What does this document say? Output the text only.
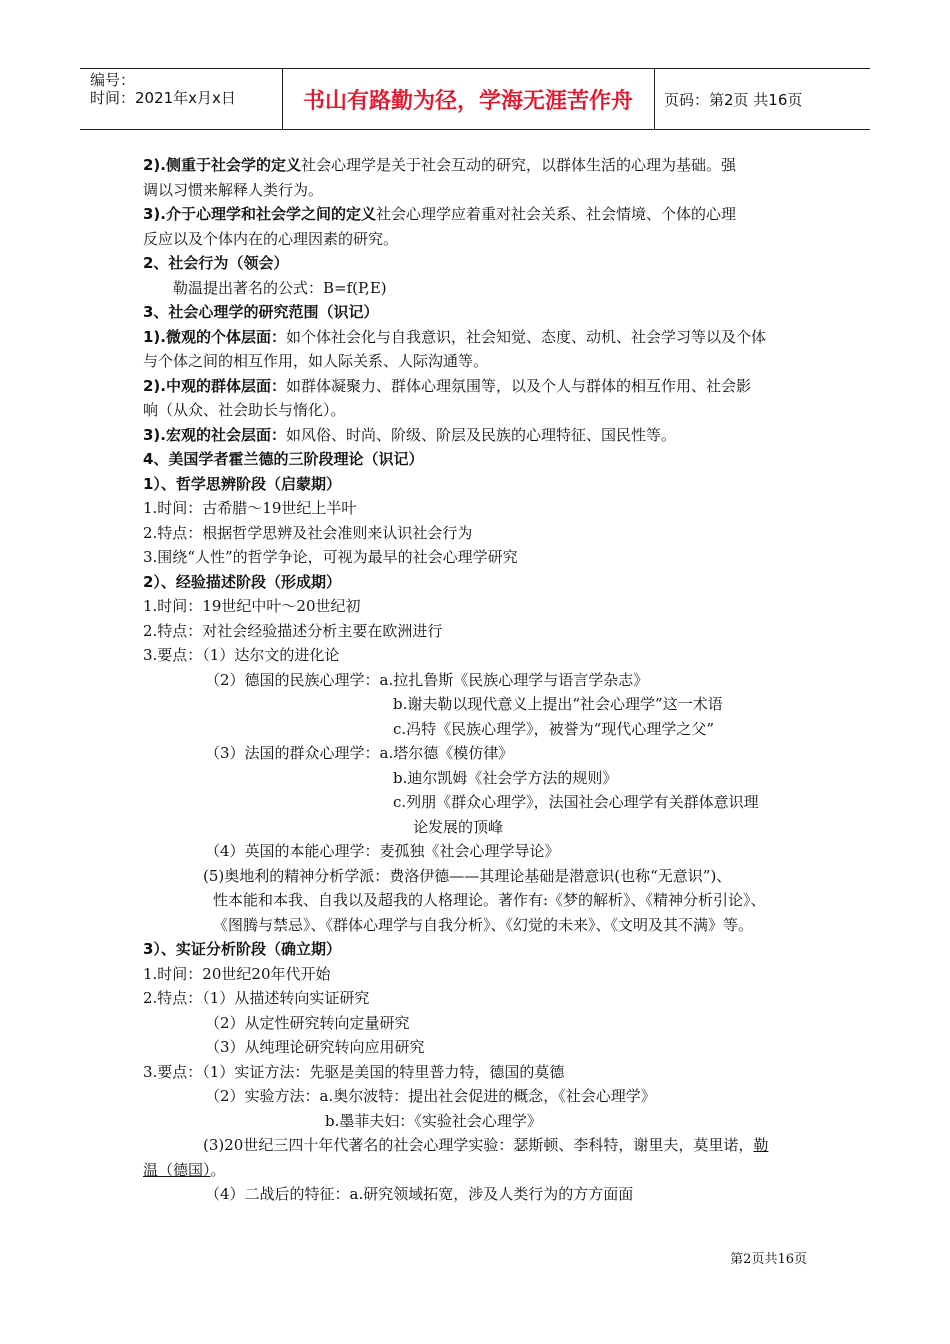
编号：
时间：2021年x月x日	书山有路勤为径，学海无涯苦作舟	页码：第2页 共16页

2).侧重于社会学的定义社会心理学是关于社会互动的研究，以群体生活的心理为基础。强

调以习惯来解释人类行为。

3).介于心理学和社会学之间的定义社会心理学应着重对社会关系、社会情境、个体的心理

反应以及个体内在的心理因素的研究。

2、社会行为（领会）

勒温提出著名的公式：B=f(P,E)

3、社会心理学的研究范围（识记）

1).微观的个体层面：如个体社会化与自我意识，社会知觉、态度、动机、社会学习等以及个体

与个体之间的相互作用，如人际关系、人际沟通等。

2).中观的群体层面：如群体凝聚力、群体心理氛围等，以及个人与群体的相互作用、社会影

响（从众、社会助长与惰化）。

3).宏观的社会层面：如风俗、时尚、阶级、阶层及民族的心理特征、国民性等。

4、美国学者霍兰德的三阶段理论（识记）

1）、哲学思辨阶段（启蒙期）

1.时间：古希腊～19世纪上半叶

2.特点：根据哲学思辨及社会准则来认识社会行为

3.围绕“人性”的哲学争论，可视为最早的社会心理学研究

2）、经验描述阶段（形成期）

1.时间：19世纪中叶～20世纪初

2.特点：对社会经验描述分析主要在欧洲进行

3.要点：（1）达尔文的进化论

（2）德国的民族心理学：a.拉扎鲁斯《民族心理学与语言学杂志》

b.谢夫勒以现代意义上提出“社会心理学”这一术语

c.冯特《民族心理学》，被誉为“现代心理学之父”

（3）法国的群众心理学：a.塔尔德《模仿律》

b.迪尔凯姆《社会学方法的规则》

c.列朋《群众心理学》，法国社会心理学有关群体意识理

论发展的顶峰

（4）英国的本能心理学：麦孤独《社会心理学导论》

(5)奥地利的精神分析学派：费洛伊德——其理论基础是潜意识(也称“无意识”)、

性本能和本我、自我以及超我的人格理论。著作有:《梦的解析》、《精神分析引论》、

《图腾与禁忌》、《群体心理学与自我分析》、《幻觉的未来》、《文明及其不满》等。

3）、实证分析阶段（确立期）

1.时间：20世纪20年代开始

2.特点：（1）从描述转向实证研究

（2）从定性研究转向定量研究

（3）从纯理论研究转向应用研究

3.要点：（1）实证方法：先驱是美国的特里普力特，德国的莫德

（2）实验方法：a.奥尔波特：提出社会促进的概念，《社会心理学》

b.墨菲夫妇：《实验社会心理学》

(3)20世纪三四十年代著名的社会心理学实验：瑟斯顿、李科特，谢里夫，莫里诺，勒

温（德国）。

（4）二战后的特征：a.研究领域拓宽，涉及人类行为的方方面面

第2页共16页
